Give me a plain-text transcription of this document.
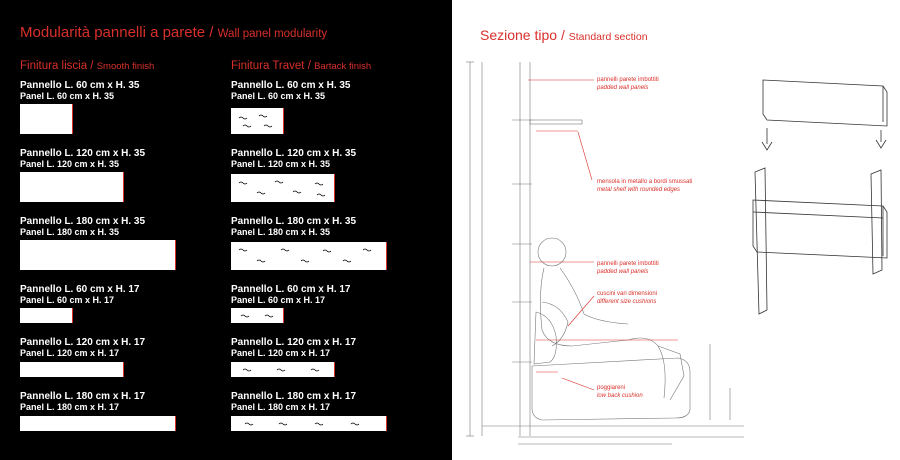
Modularità pannelli a parete / Wall panel modularity
Finitura liscia / Smooth finish	Finitura Travet / Bartack finish
Pannello L. 60 cm x H. 35
Panel L. 60 cm x H. 35
Pannello L. 120 cm x H. 35
Panel L. 120 cm x H. 35
Pannello L. 180 cm x H. 35
Panel L. 180 cm x H. 35
Pannello L. 60 cm x H. 17
Panel L. 60 cm x H. 17
Pannello L. 120 cm x H. 17
Panel L. 120 cm x H. 17
Pannello L. 180 cm x H. 17
Panel L. 180 cm x H. 17
Pannello L. 60 cm x H. 35
Panel L. 60 cm x H. 35
Pannello L. 120 cm x H. 35
Panel L. 120 cm x H. 35
Pannello L. 180 cm x H. 35
Panel L. 180 cm x H. 35
Pannello L. 60 cm x H. 17
Panel L. 60 cm x H. 17
Pannello L. 120 cm x H. 17
Panel L. 120 cm x H. 17
Pannello L. 180 cm x H. 17
Panel L. 180 cm x H. 17
Sezione tipo / Standard section
pannelli parete imbottiti
padded wall panels
mensola in metallo a bordi smussati
metal shelf with rounded edges
pannelli parete imbottiti
padded wall panels
cuscini vari dimensioni
different size cushions
poggiareni
low back cushion
